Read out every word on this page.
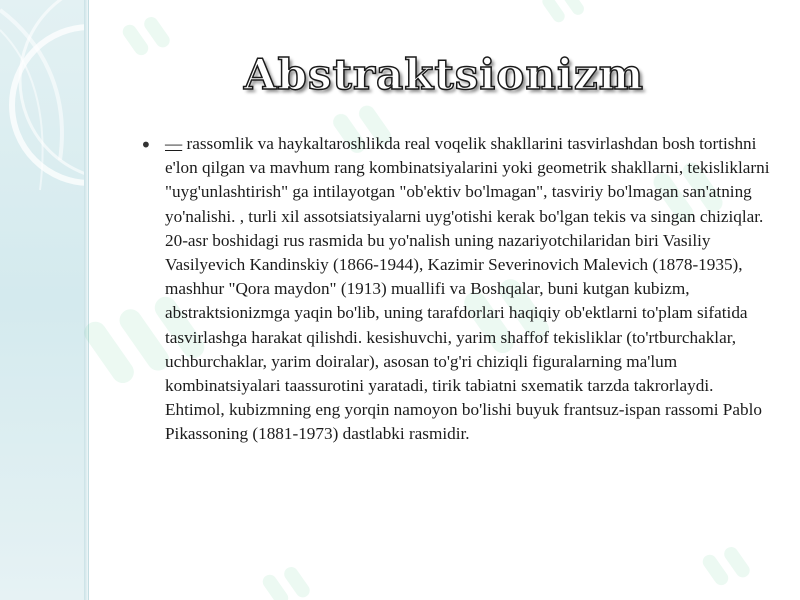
Abstraktsionizm
• — rassomlik va haykaltaroshlikda real voqelik shakllarini tasvirlashdan bosh tortishni e'lon qilgan va mavhum rang kombinatsiyalarini yoki geometrik shakllarni, tekisliklarni "uyg'unlashtirish" ga intilayotgan "ob'ektiv bo'lmagan", tasviriy bo'lmagan san'atning yo'nalishi. , turli xil assotsiatsiyalarni uyg'otishi kerak bo'lgan tekis va singan chiziqlar. 20-asr boshidagi rus rasmida bu yo'nalish uning nazariyotchilaridan biri Vasiliy Vasilyevich Kandinskiy (1866-1944), Kazimir Severinovich Malevich (1878-1935), mashhur "Qora maydon" (1913) muallifi va Boshqalar, buni kutgan kubizm, abstraktsionizmga yaqin bo'lib, uning tarafdorlari haqiqiy ob'ektlarni to'plam sifatida tasvirlashga harakat qilishdi. kesishuvchi, yarim shaffof tekisliklar (to'rtburchaklar, uchburchaklar, yarim doiralar), asosan to'g'ri chiziqli figuralarning ma'lum kombinatsiyalari taassurotini yaratadi, tirik tabiatni sxematik tarzda takrorlaydi. Ehtimol, kubizmning eng yorqin namoyon bo'lishi buyuk frantsuz-ispan rassomi Pablo Pikassoning (1881-1973) dastlabki rasmidir.
